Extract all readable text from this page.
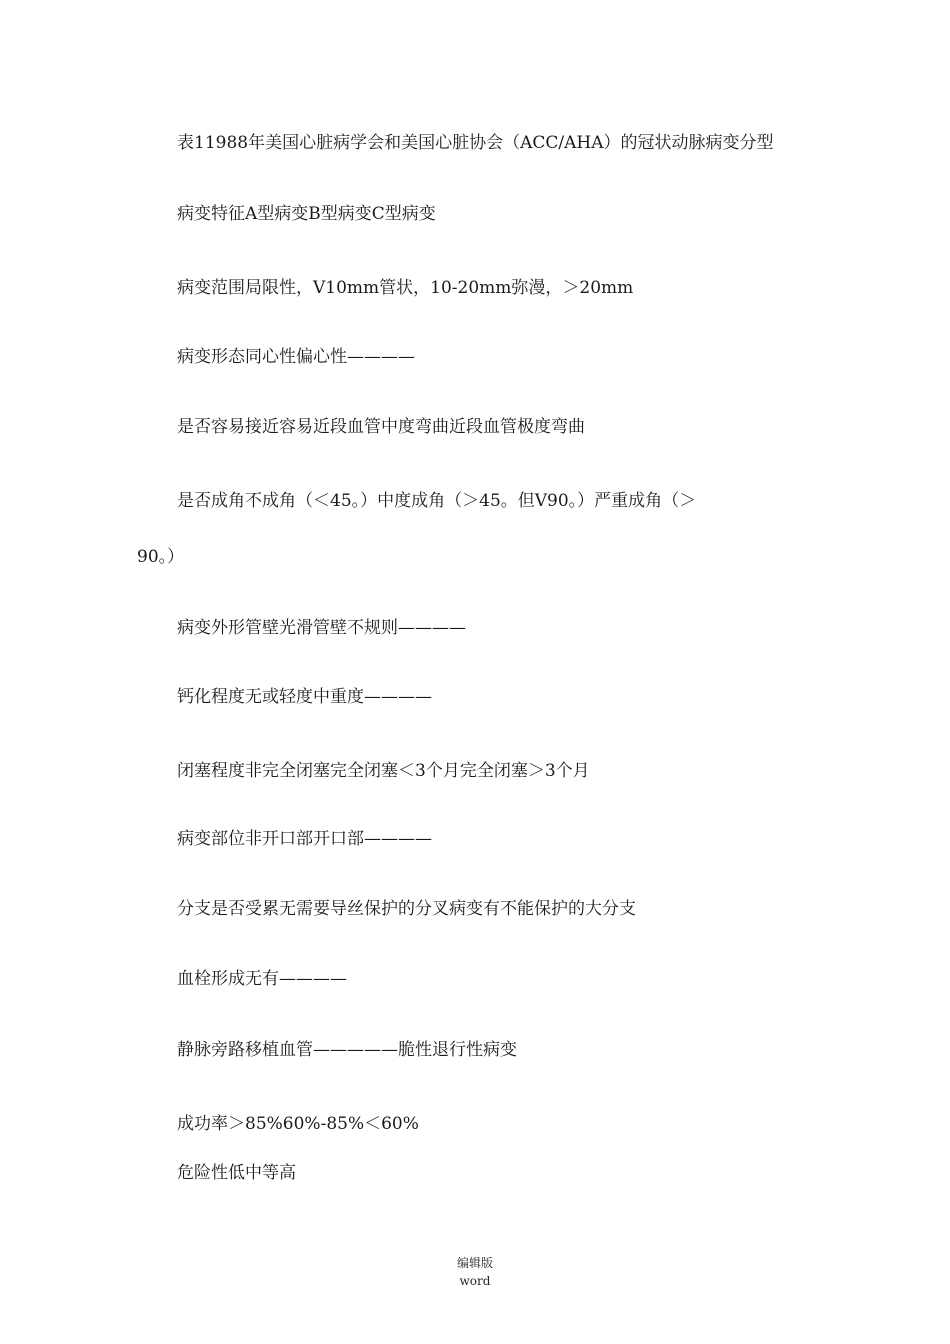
表11988年美国心脏病学会和美国心脏协会（ACC/AHA）的冠状动脉病变分型
病变特征A型病变B型病变C型病变
病变范围局限性，V10mm管状，10-20mm弥漫，＞20mm
病变形态同心性偏心性————
是否容易接近容易近段血管中度弯曲近段血管极度弯曲
是否成角不成角（＜45。）中度成角（＞45。但V90。）严重成角（＞
90。）
病变外形管壁光滑管壁不规则————
钙化程度无或轻度中重度————
闭塞程度非完全闭塞完全闭塞＜3个月完全闭塞＞3个月
病变部位非开口部开口部————
分支是否受累无需要导丝保护的分叉病变有不能保护的大分支
血栓形成无有————
静脉旁路移植血管—————脆性退行性病变
成功率＞85%60%-85%＜60%
危险性低中等高
编辑版
word
